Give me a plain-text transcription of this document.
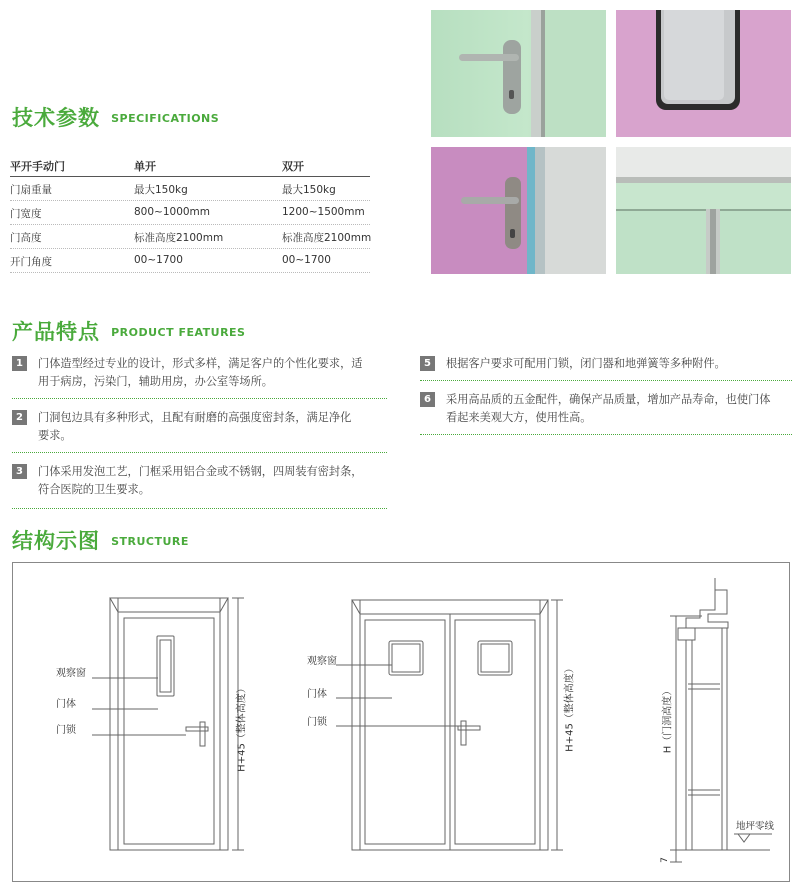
技术参数 SPECIFICATIONS
平开手动门	单开	双开
门扇重量	最大150kg	最大150kg
门宽度	800~1000mm	1200~1500mm
门高度	标准高度2100mm	标准高度2100mm
开门角度	00~1700	00~1700
产品特点 PRODUCT FEATURES
1	门体造型经过专业的设计，形式多样，满足客户的个性化要求，适
用于病房，污染门，辅助用房，办公室等场所。
2	门洞包边具有多种形式，且配有耐磨的高强度密封条，满足净化
要求。
3	门体采用发泡工艺，门框采用铝合金或不锈钢，四周装有密封条，
符合医院的卫生要求。
5	根据客户要求可配用门锁，闭门器和地弹簧等多种附件。
6	采用高品质的五金配件，确保产品质量，增加产品寿命，也使门体
看起来美观大方，使用性高。
结构示图 STRUCTURE
观察窗
门体
门锁	H+45（整体高度）
观察窗
门体
门锁	H+45（整体高度）	H（门洞高度）
地坪零线
7
